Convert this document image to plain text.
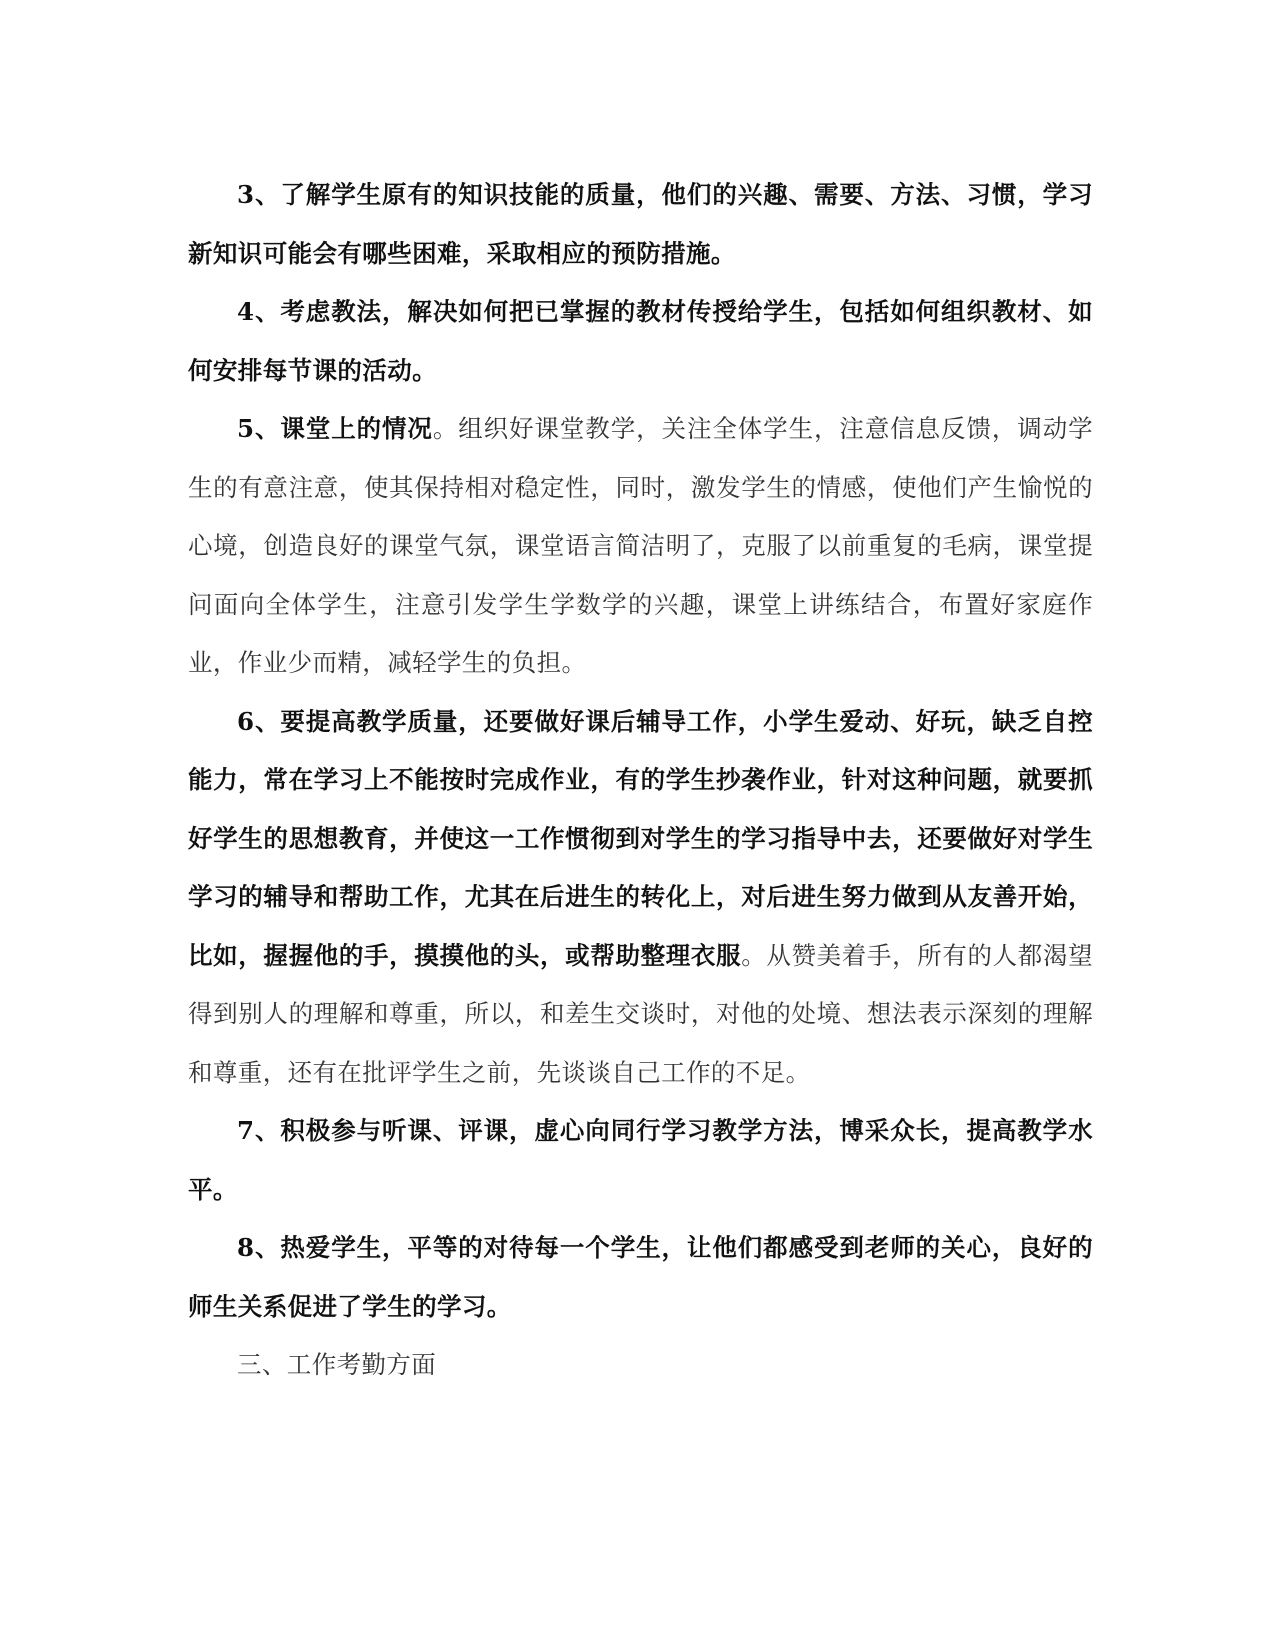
3、了解学生原有的知识技能的质量，他们的兴趣、需要、方法、习惯，学习新知识可能会有哪些困难，采取相应的预防措施。

4、考虑教法，解决如何把已掌握的教材传授给学生，包括如何组织教材、如何安排每节课的活动。

5、课堂上的情况。组织好课堂教学，关注全体学生，注意信息反馈，调动学生的有意注意，使其保持相对稳定性，同时，激发学生的情感，使他们产生愉悦的心境，创造良好的课堂气氛，课堂语言简洁明了，克服了以前重复的毛病，课堂提问面向全体学生，注意引发学生学数学的兴趣，课堂上讲练结合，布置好家庭作业，作业少而精，减轻学生的负担。

6、要提高教学质量，还要做好课后辅导工作，小学生爱动、好玩，缺乏自控能力，常在学习上不能按时完成作业，有的学生抄袭作业，针对这种问题，就要抓好学生的思想教育，并使这一工作惯彻到对学生的学习指导中去，还要做好对学生学习的辅导和帮助工作，尤其在后进生的转化上，对后进生努力做到从友善开始，比如，握握他的手，摸摸他的头，或帮助整理衣服。从赞美着手，所有的人都渴望得到别人的理解和尊重，所以，和差生交谈时，对他的处境、想法表示深刻的理解和尊重，还有在批评学生之前，先谈谈自己工作的不足。

7、积极参与听课、评课，虚心向同行学习教学方法，博采众长，提高教学水平。

8、热爱学生，平等的对待每一个学生，让他们都感受到老师的关心，良好的师生关系促进了学生的学习。

三、工作考勤方面
